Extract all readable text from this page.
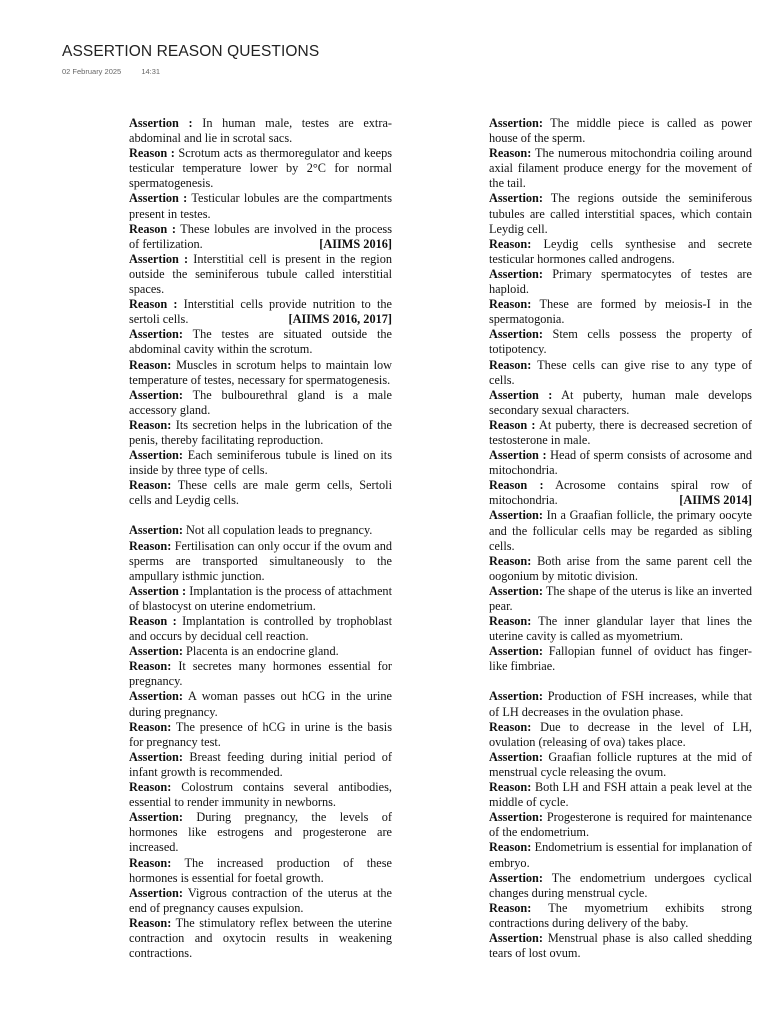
ASSERTION REASON QUESTIONS
02 February 2025	14:31

Assertion : In human male, testes are extra-abdominal and lie in scrotal sacs.

Reason : Scrotum acts as thermoregulator and keeps testicular temperature lower by 2°C for normal spermatogenesis.

Assertion : Testicular lobules are the compartments present in testes.

Reason : These lobules are involved in the process of fertilization.	[AIIMS 2016]

Assertion : Interstitial cell is present in the region outside the seminiferous tubule called interstitial spaces.

Reason : Interstitial cells provide nutrition to the sertoli cells.	[AIIMS 2016, 2017]

Assertion: The testes are situated outside the abdominal cavity within the scrotum.

Reason: Muscles in scrotum helps to maintain low temperature of testes, necessary for spermatogenesis.

Assertion: The bulbourethral gland is a male accessory gland.

Reason: Its secretion helps in the lubrication of the penis, thereby facilitating reproduction.

Assertion: Each seminiferous tubule is lined on its inside by three type of cells.

Reason: These cells are male germ cells, Sertoli cells and Leydig cells.

Assertion: Not all copulation leads to pregnancy.

Reason: Fertilisation can only occur if the ovum and sperms are transported simultaneously to the ampullary isthmic junction.

Assertion : Implantation is the process of attachment of blastocyst on uterine endometrium.

Reason : Implantation is controlled by trophoblast and occurs by decidual cell reaction.

Assertion: Placenta is an endocrine gland.

Reason: It secretes many hormones essential for pregnancy.

Assertion: A woman passes out hCG in the urine during pregnancy.

Reason: The presence of hCG in urine is the basis for pregnancy test.

Assertion: Breast feeding during initial period of infant growth is recommended.

Reason: Colostrum contains several antibodies, essential to render immunity in newborns.

Assertion: During pregnancy, the levels of hormones like estrogens and progesterone are increased.

Reason: The increased production of these hormones is essential for foetal growth.

Assertion: Vigrous contraction of the uterus at the end of pregnancy causes expulsion.

Reason: The stimulatory reflex between the uterine contraction and oxytocin results in weakening contractions.

Assertion: The middle piece is called as power house of the sperm.

Reason: The numerous mitochondria coiling around axial filament produce energy for the movement of the tail.

Assertion: The regions outside the seminiferous tubules are called interstitial spaces, which contain Leydig cell.

Reason: Leydig cells synthesise and secrete testicular hormones called androgens.

Assertion: Primary spermatocytes of testes are haploid.

Reason: These are formed by meiosis-I in the spermatogonia.

Assertion: Stem cells possess the property of totipotency.

Reason: These cells can give rise to any type of cells.

Assertion : At puberty, human male develops secondary sexual characters.

Reason : At puberty, there is decreased secretion of testosterone in male.

Assertion : Head of sperm consists of acrosome and mitochondria.

Reason : Acrosome contains spiral row of mitochondria.	[AIIMS 2014]

Assertion: In a Graafian follicle, the primary oocyte and the follicular cells may be regarded as sibling cells.

Reason: Both arise from the same parent cell the oogonium by mitotic division.

Assertion: The shape of the uterus is like an inverted pear.

Reason: The inner glandular layer that lines the uterine cavity is called as myometrium.

Assertion: Fallopian funnel of oviduct has finger-like fimbriae.

Assertion: Production of FSH increases, while that of LH decreases in the ovulation phase.

Reason: Due to decrease in the level of LH, ovulation (releasing of ova) takes place.

Assertion: Graafian follicle ruptures at the mid of menstrual cycle releasing the ovum.

Reason: Both LH and FSH attain a peak level at the middle of cycle.

Assertion: Progesterone is required for maintenance of the endometrium.

Reason: Endometrium is essential for implanation of embryo.

Assertion: The endometrium undergoes cyclical changes during menstrual cycle.

Reason: The myometrium exhibits strong contractions during delivery of the baby.

Assertion: Menstrual phase is also called shedding tears of lost ovum.
